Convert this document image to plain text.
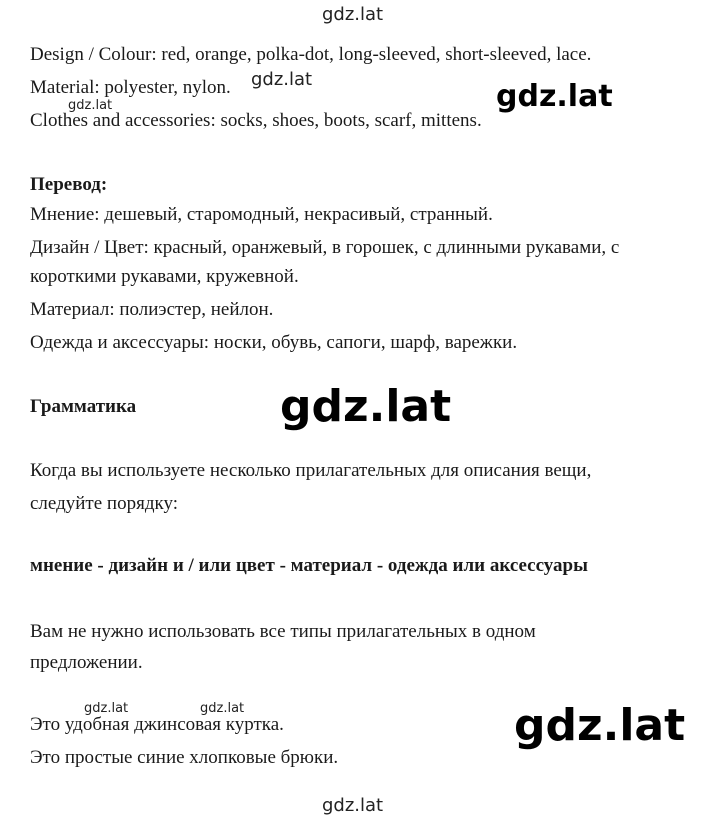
gdz.lat
gdz.lat
gdz.lat	gdz.lat
gdz.lat
gdz.lat	gdz.lat	gdz.lat
gdz.lat
Design / Colour: red, orange, polka-dot, long-sleeved, short-sleeved, lace.
Material: polyester, nylon.
Clothes and accessories: socks, shoes, boots, scarf, mittens.
Перевод:
Мнение: дешевый, старомодный, некрасивый, странный.
Дизайн / Цвет: красный, оранжевый, в горошек, с длинными рукавами, с
короткими рукавами, кружевной.
Материал: полиэстер, нейлон.
Одежда и аксессуары: носки, обувь, сапоги, шарф, варежки.
Грамматика
Когда вы используете несколько прилагательных для описания вещи,
следуйте порядку:
мнение - дизайн и / или цвет - материал - одежда или аксессуары
Вам не нужно использовать все типы прилагательных в одном
предложении.
Это удобная джинсовая куртка.
Это простые синие хлопковые брюки.
